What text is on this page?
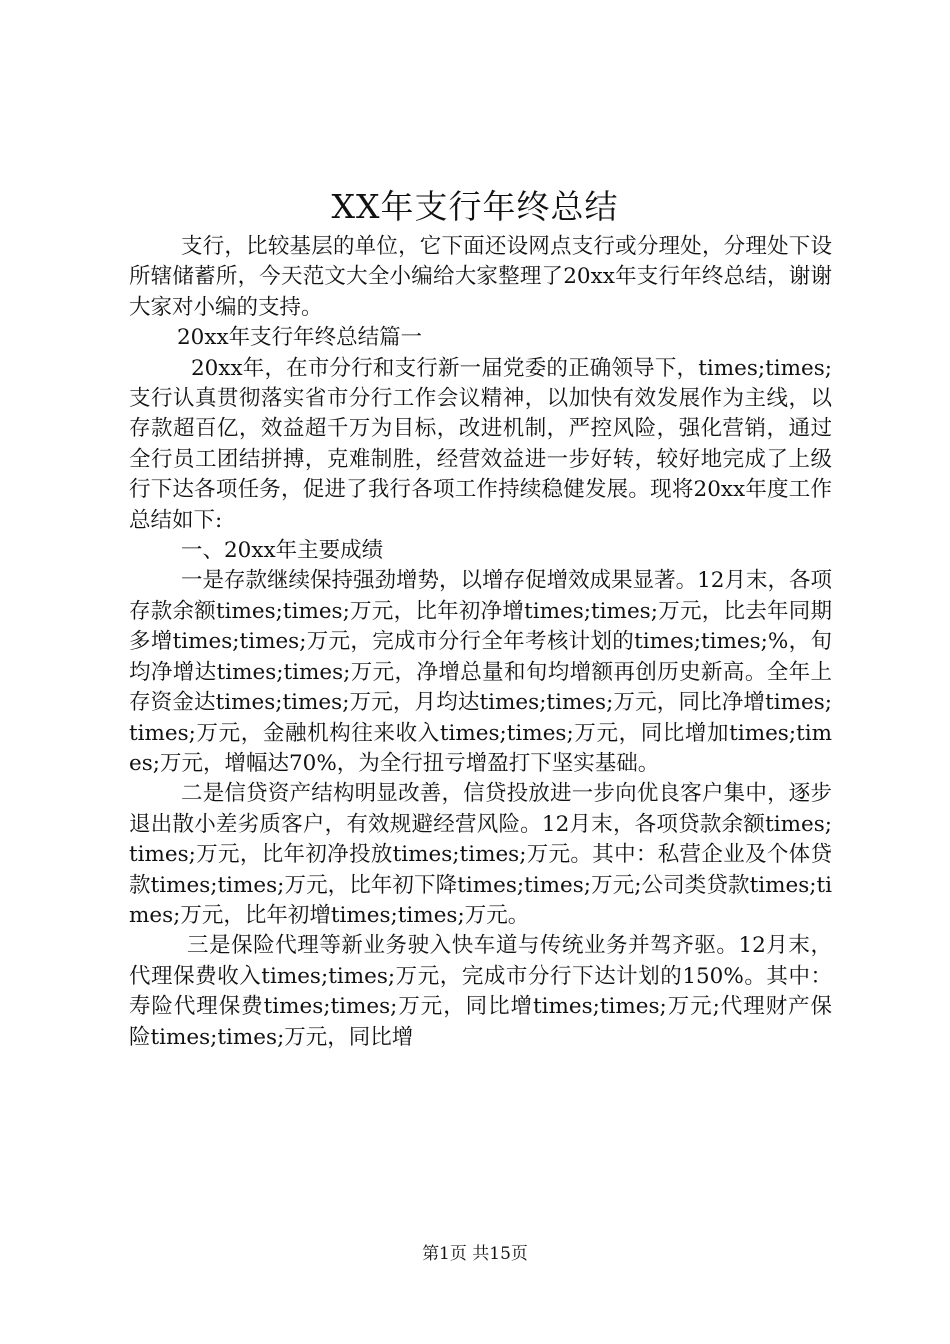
XX年支行年终总结

支行，比较基层的单位，它下面还设网点支行或分理处，分理处下设所辖储蓄所，今天范文大全小编给大家整理了20xx年支行年终总结，谢谢大家对小编的支持。

20xx年支行年终总结篇一

20xx年，在市分行和支行新一届党委的正确领导下，times;times;支行认真贯彻落实省市分行工作会议精神，以加快有效发展作为主线，以存款超百亿，效益超千万为目标，改进机制，严控风险，强化营销，通过全行员工团结拼搏，克难制胜，经营效益进一步好转，较好地完成了上级行下达各项任务，促进了我行各项工作持续稳健发展。现将20xx年度工作总结如下:

一、20xx年主要成绩

一是存款继续保持强劲增势，以增存促增效成果显著。12月末，各项存款余额times;times;万元，比年初净增times;times;万元，比去年同期多增times;times;万元，完成市分行全年考核计划的times;times;%，旬均净增达times;times;万元，净增总量和旬均增额再创历史新高。全年上存资金达times;times;万元，月均达times;times;万元，同比净增times;times;万元，金融机构往来收入times;times;万元，同比增加times;times;万元，增幅达70%，为全行扭亏增盈打下坚实基础。

二是信贷资产结构明显改善，信贷投放进一步向优良客户集中，逐步退出散小差劣质客户，有效规避经营风险。12月末，各项贷款余额times;times;万元，比年初净投放times;times;万元。其中：私营企业及个体贷款times;times;万元，比年初下降times;times;万元;公司类贷款times;times;万元，比年初增times;times;万元。

三是保险代理等新业务驶入快车道与传统业务并驾齐驱。12月末，代理保费收入times;times;万元，完成市分行下达计划的150%。其中：寿险代理保费times;times;万元，同比增times;times;万元;代理财产保险times;times;万元，同比增

第1页 共15页
